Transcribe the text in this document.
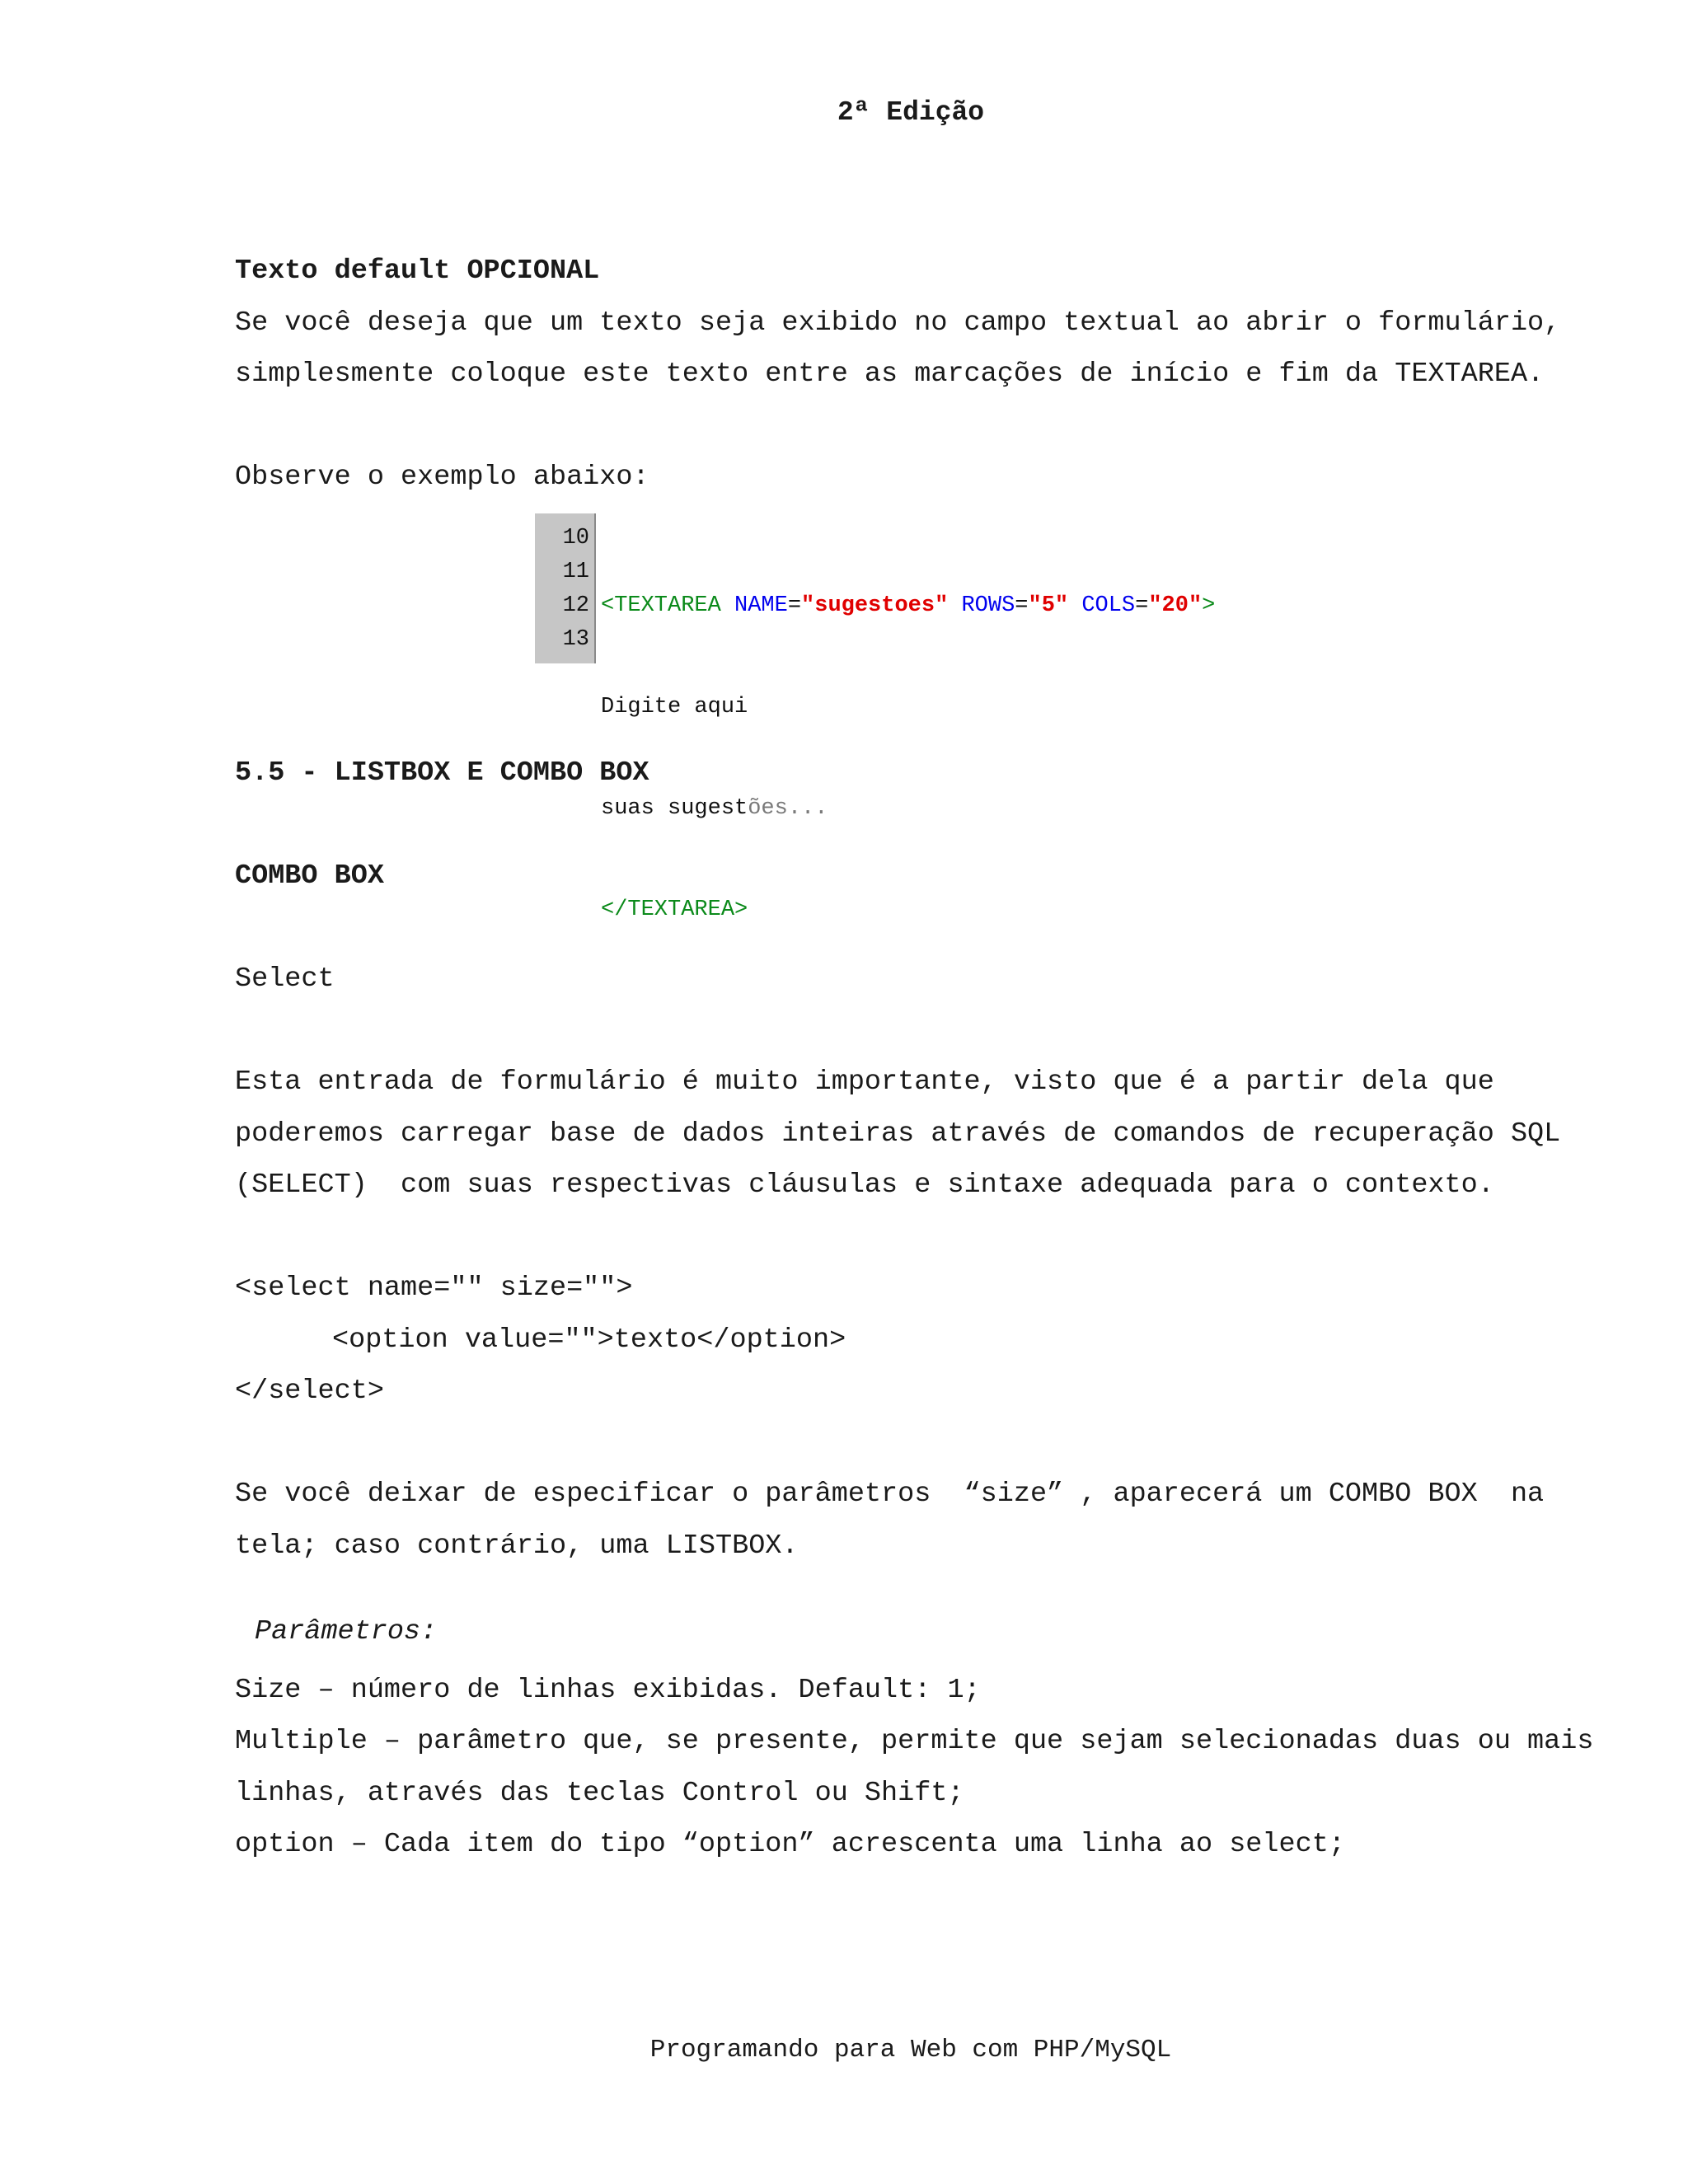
2ª Edição

Texto default OPCIONAL

Se você deseja que um texto seja exibido no campo textual ao abrir o formulário, simplesmente coloque este texto entre as marcações de início e fim da TEXTAREA.

Observe o exemplo abaixo:

10
11
12
13

<TEXTAREA NAME="sugestoes" ROWS="5" COLS="20">

Digite aqui

suas sugestões...

</TEXTAREA>

5.5 - LISTBOX E COMBO BOX

COMBO BOX

Select

Esta entrada de formulário é muito importante, visto que é a partir dela que poderemos carregar base de dados inteiras através de comandos de recuperação SQL (SELECT)  com suas respectivas cláusulas e sintaxe adequada para o contexto.

<select name="" size="">

<option value="">texto</option>

</select>

Se você deixar de especificar o parâmetros  “size” , aparecerá um COMBO BOX  na tela; caso contrário, uma LISTBOX.

Parâmetros:

Size – número de linhas exibidas. Default: 1;

Multiple – parâmetro que, se presente, permite que sejam selecionadas duas ou mais linhas, através das teclas Control ou Shift;

option – Cada item do tipo “option” acrescenta uma linha ao select;

Programando para Web com PHP/MySQL
